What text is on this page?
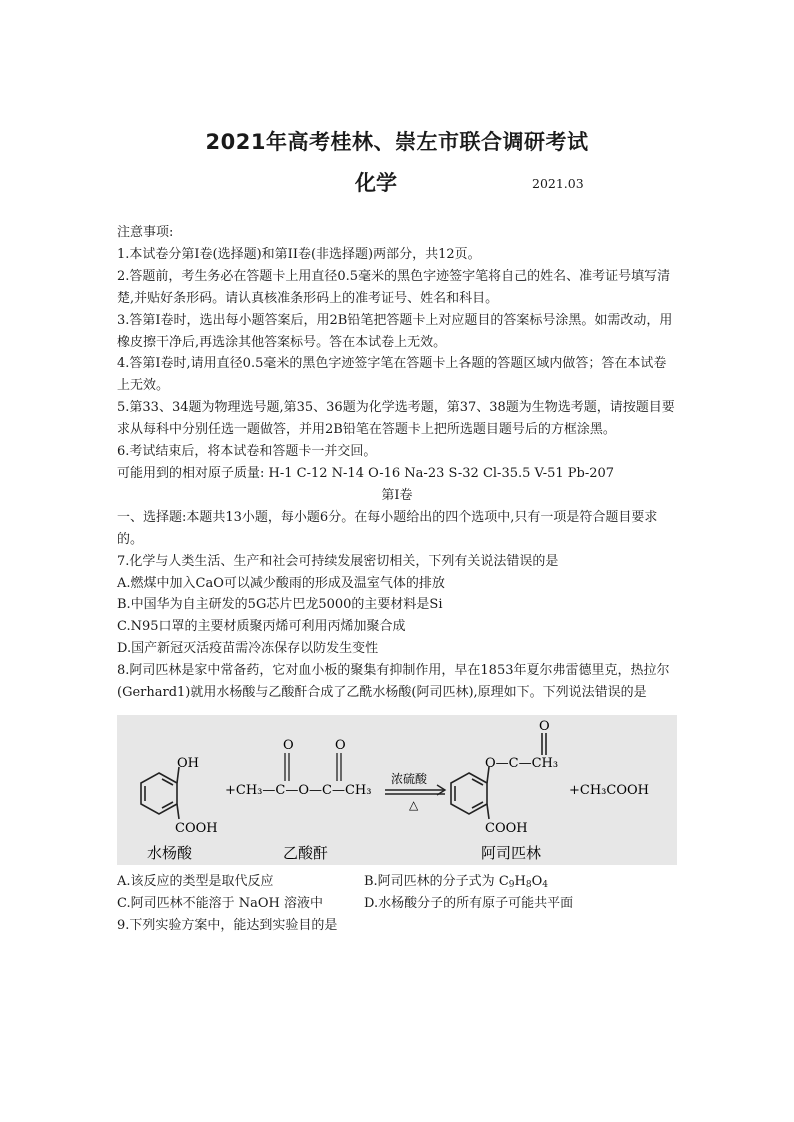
2021年高考桂林、崇左市联合调研考试
化学	2021.03

注意事项:

1.本试卷分第I卷(选择题)和第II卷(非选择题)两部分，共12页。

2.答题前，考生务必在答题卡上用直径0.5毫米的黑色字迹签字笔将自己的姓名、准考证号填写清楚,并贴好条形码。请认真核准条形码上的准考证号、姓名和科目。

3.答第I卷时，选出每小题答案后，用2B铅笔把答题卡上对应题目的答案标号涂黑。如需改动，用橡皮擦干净后,再选涂其他答案标号。答在本试卷上无效。

4.答第I卷时,请用直径0.5毫米的黑色字迹签字笔在答题卡上各题的答题区域内做答；答在本试卷上无效。

5.第33、34题为物理选号题,第35、36题为化学选考题，第37、38题为生物选考题，请按题目要求从每科中分别任选一题做答，并用2B铅笔在答题卡上把所选题目题号后的方框涂黑。

6.考试结束后，将本试卷和答题卡一并交回。

可能用到的相对原子质量: H-1 C-12 N-14 O-16 Na-23 S-32 Cl-35.5 V-51 Pb-207

第I卷

一、选择题:本题共13小题，每小题6分。在每小题给出的四个选项中,只有一项是符合题目要求的。

7.化学与人类生活、生产和社会可持续发展密切相关，下列有关说法错误的是

A.燃煤中加入CaO可以减少酸雨的形成及温室气体的排放

B.中国华为自主研发的5G芯片巴龙5000的主要材料是Si

C.N95口罩的主要材质聚丙烯可利用丙烯加聚合成

D.国产新冠灭活疫苗需冷冻保存以防发生变性

8.阿司匹林是家中常备药，它对血小板的聚集有抑制作用，早在1853年夏尔弗雷德里克，热拉尔(Gerhard1)就用水杨酸与乙酸酐合成了乙酰水杨酸(阿司匹林),原理如下。下列说法错误的是

OH
COOH
+CH₃—C—O—C—CH₃
O	O
浓硫酸
△
O
O—C—CH₃
COOH
+CH₃COOH
水杨酸	乙酸酐	阿司匹林
A.该反应的类型是取代反应	B.阿司匹林的分子式为 $C_9H_8O_4$
C.阿司匹林不能溶于 NaOH 溶液中	D.水杨酸分子的所有原子可能共平面

9.下列实验方案中，能达到实验目的是
